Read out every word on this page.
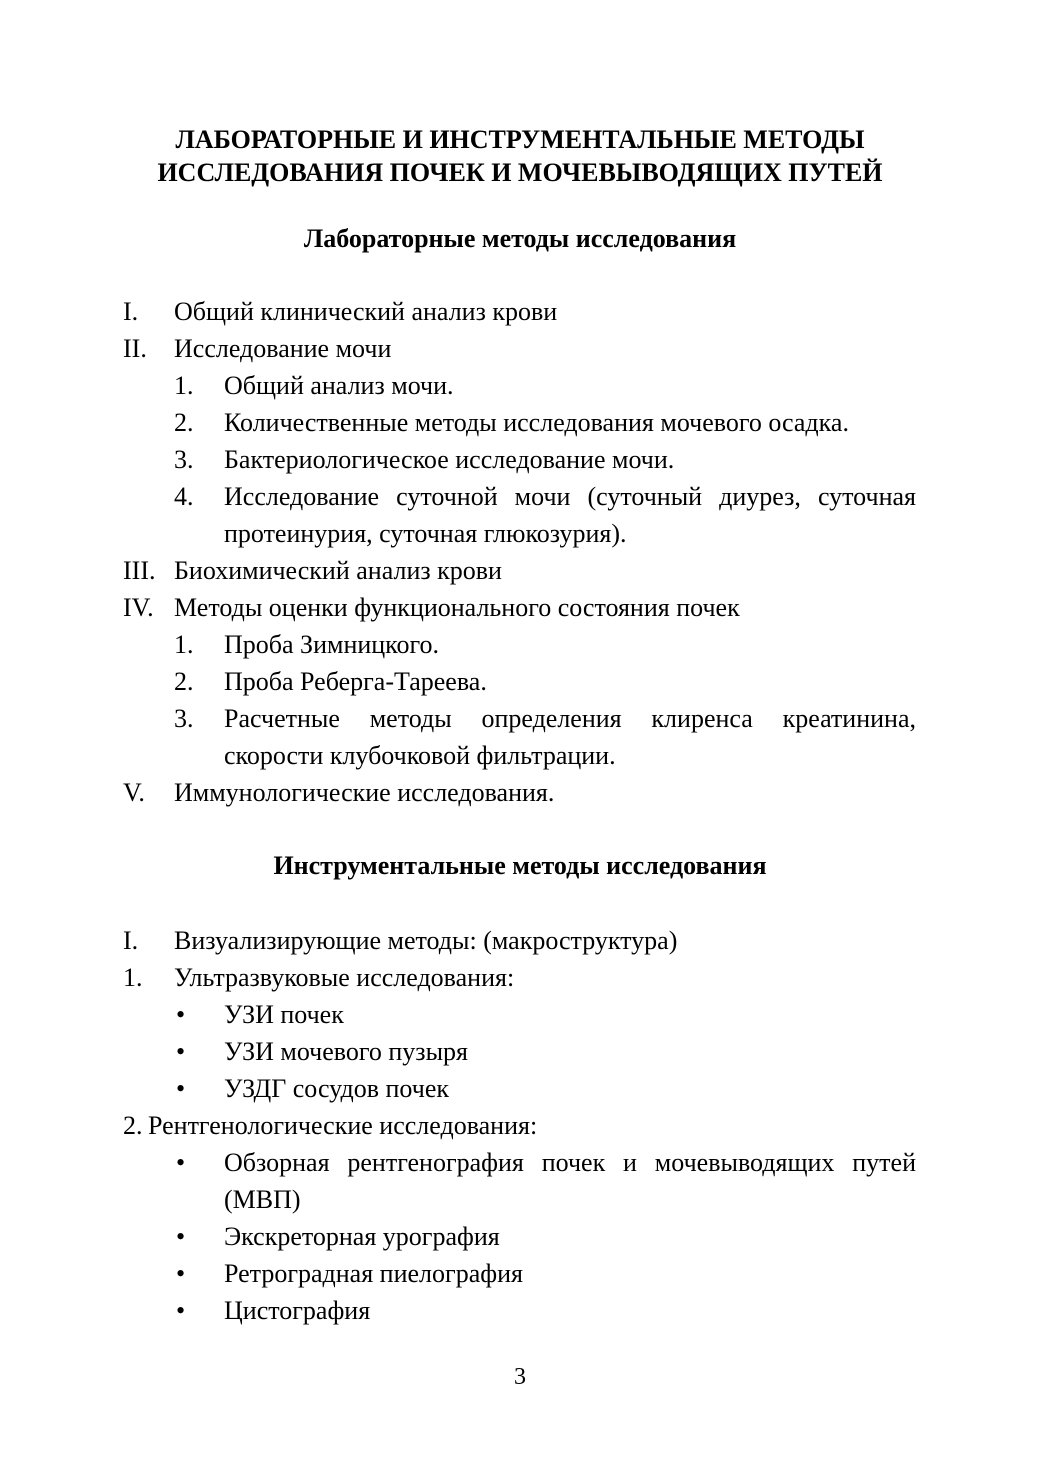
ЛАБОРАТОРНЫЕ И ИНСТРУМЕНТАЛЬНЫЕ МЕТОДЫ
ИССЛЕДОВАНИЯ ПОЧЕК И МОЧЕВЫВОДЯЩИХ ПУТЕЙ
Лабораторные методы исследования
I. Общий клинический анализ крови
II. Исследование мочи
1. Общий анализ мочи.
2. Количественные методы исследования мочевого осадка.
3. Бактериологическое исследование мочи.
4. Исследование суточной мочи (суточный диурез, суточная протеинурия, суточная глюкозурия).
III. Биохимический анализ крови
IV. Методы оценки функционального состояния почек
1. Проба Зимницкого.
2. Проба Реберга-Тареева.
3. Расчетные методы определения клиренса креатинина, скорости клубочковой фильтрации.
V. Иммунологические исследования.
Инструментальные методы исследования
I. Визуализирующие методы: (макроструктура)
1. Ультразвуковые исследования:
• УЗИ почек
• УЗИ мочевого пузыря
• УЗДГ сосудов почек
2. Рентгенологические исследования:
• Обзорная рентгенография почек и мочевыводящих путей (МВП)
• Экскреторная урография
• Ретроградная пиелография
• Цистография
3
